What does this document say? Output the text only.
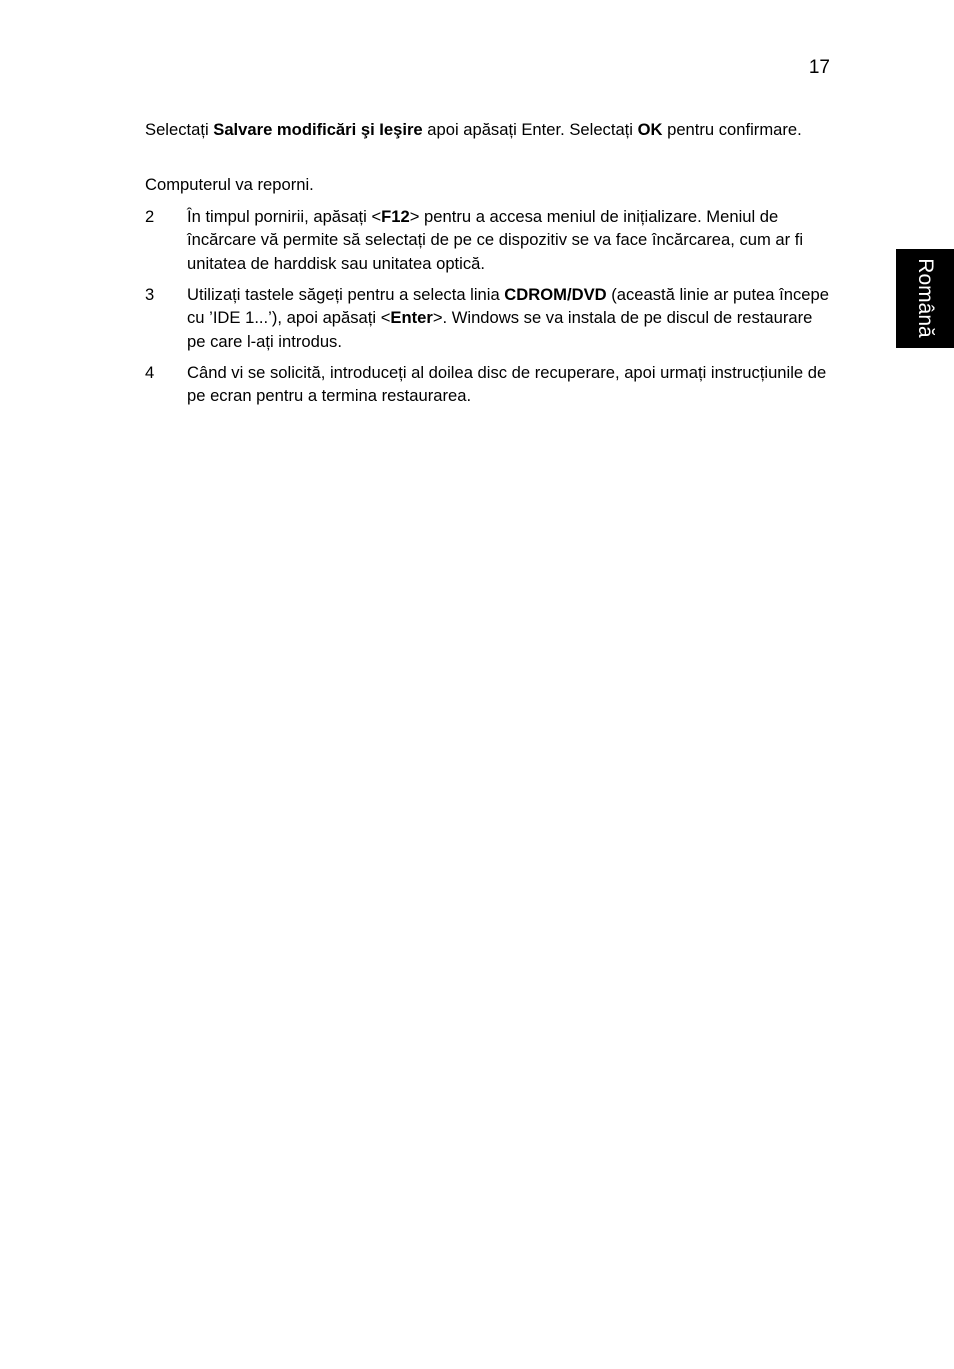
17
Română

Selectați Salvare modificări şi Ieşire apoi apăsați Enter. Selectați OK pentru confirmare.

Computerul va reporni.

2 În timpul pornirii, apăsați <F12> pentru a accesa meniul de inițializare. Meniul de încărcare vă permite să selectați de pe ce dispozitiv se va face încărcarea, cum ar fi unitatea de harddisk sau unitatea optică.
3 Utilizați tastele săgeți pentru a selecta linia CDROM/DVD (această linie ar putea începe cu ’IDE 1...’), apoi apăsați <Enter>. Windows se va instala de pe discul de restaurare pe care l-ați introdus.
4 Când vi se solicită, introduceți al doilea disc de recuperare, apoi urmați instrucțiunile de pe ecran pentru a termina restaurarea.
